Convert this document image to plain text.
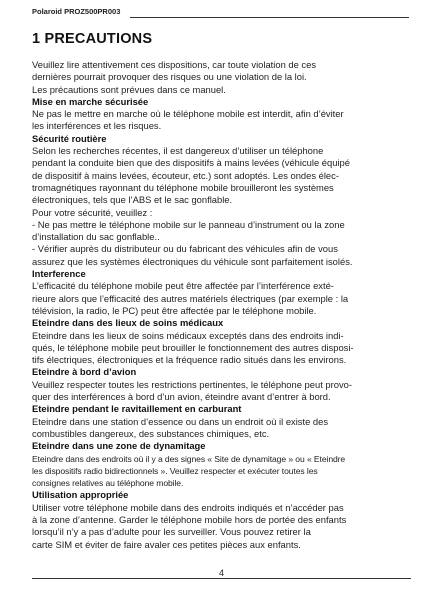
Polaroid PROZ500PR003
1 PRECAUTIONS
Veuillez lire attentivement ces dispositions, car toute violation de ces
dernières pourrait provoquer des risques ou une violation de la loi.
Les précautions sont prévues dans ce manuel.
Mise en marche sécurisée
Ne pas le mettre en marche où le téléphone mobile est interdit, afin d’éviter
les interférences et les risques.
Sécurité routière
Selon les recherches récentes, il est dangereux d’utiliser un téléphone
pendant la conduite bien que des dispositifs à mains levées (véhicule équipé
de dispositif à mains levées, écouteur, etc.) sont adoptés. Les ondes élec-
tromagnétiques rayonnant du téléphone mobile brouilleront les systèmes
électroniques, tels que l’ABS et le sac gonflable.
Pour votre sécurité, veuillez :
- Ne pas mettre le téléphone mobile sur le panneau d’instrument ou la zone
d’installation du sac gonflable..
- Vérifier auprès du distributeur ou du fabricant des véhicules afin de vous
assurez que les systèmes électroniques du véhicule sont parfaitement isolés.
Interference
L’efficacité du téléphone mobile peut être affectée par l’interférence exté-
rieure alors que l’efficacité des autres matériels électriques (par exemple : la
télévision, la radio, le PC) peut être affectée par le téléphone mobile.
Eteindre dans des lieux de soins médicaux
Eteindre dans les lieux de soins médicaux exceptés dans des endroits indi-
qués, le téléphone mobile peut brouiller le fonctionnement des autres disposi-
tifs électriques, électroniques et la fréquence radio situés dans les environs.
Eteindre à bord d’avion
Veuillez respecter toutes les restrictions pertinentes, le téléphone peut provo-
quer des interférences à bord d’un avion, éteindre avant d’entrer à bord.
Eteindre pendant le ravitaillement en carburant
Eteindre dans une station d’essence ou dans un endroit où il existe des
combustibles dangereux, des substances chimiques, etc.
Eteindre dans une zone de dynamitage
Eteindre dans des endroits où il y a des signes « Site de dynamitage » ou « Eteindre
les dispositifs radio bidirectionnels ». Veuillez respecter et exécuter toutes les
consignes relatives au téléphone mobile.
Utilisation appropriée
Utiliser votre téléphone mobile dans des endroits indiqués et n’accéder pas
à la zone d’antenne. Garder le téléphone mobile hors de portée des enfants
lorsqu’il n’y a pas d’adulte pour les surveiller. Vous pouvez retirer la
carte SIM et éviter de faire avaler ces petites pièces aux enfants.
4
